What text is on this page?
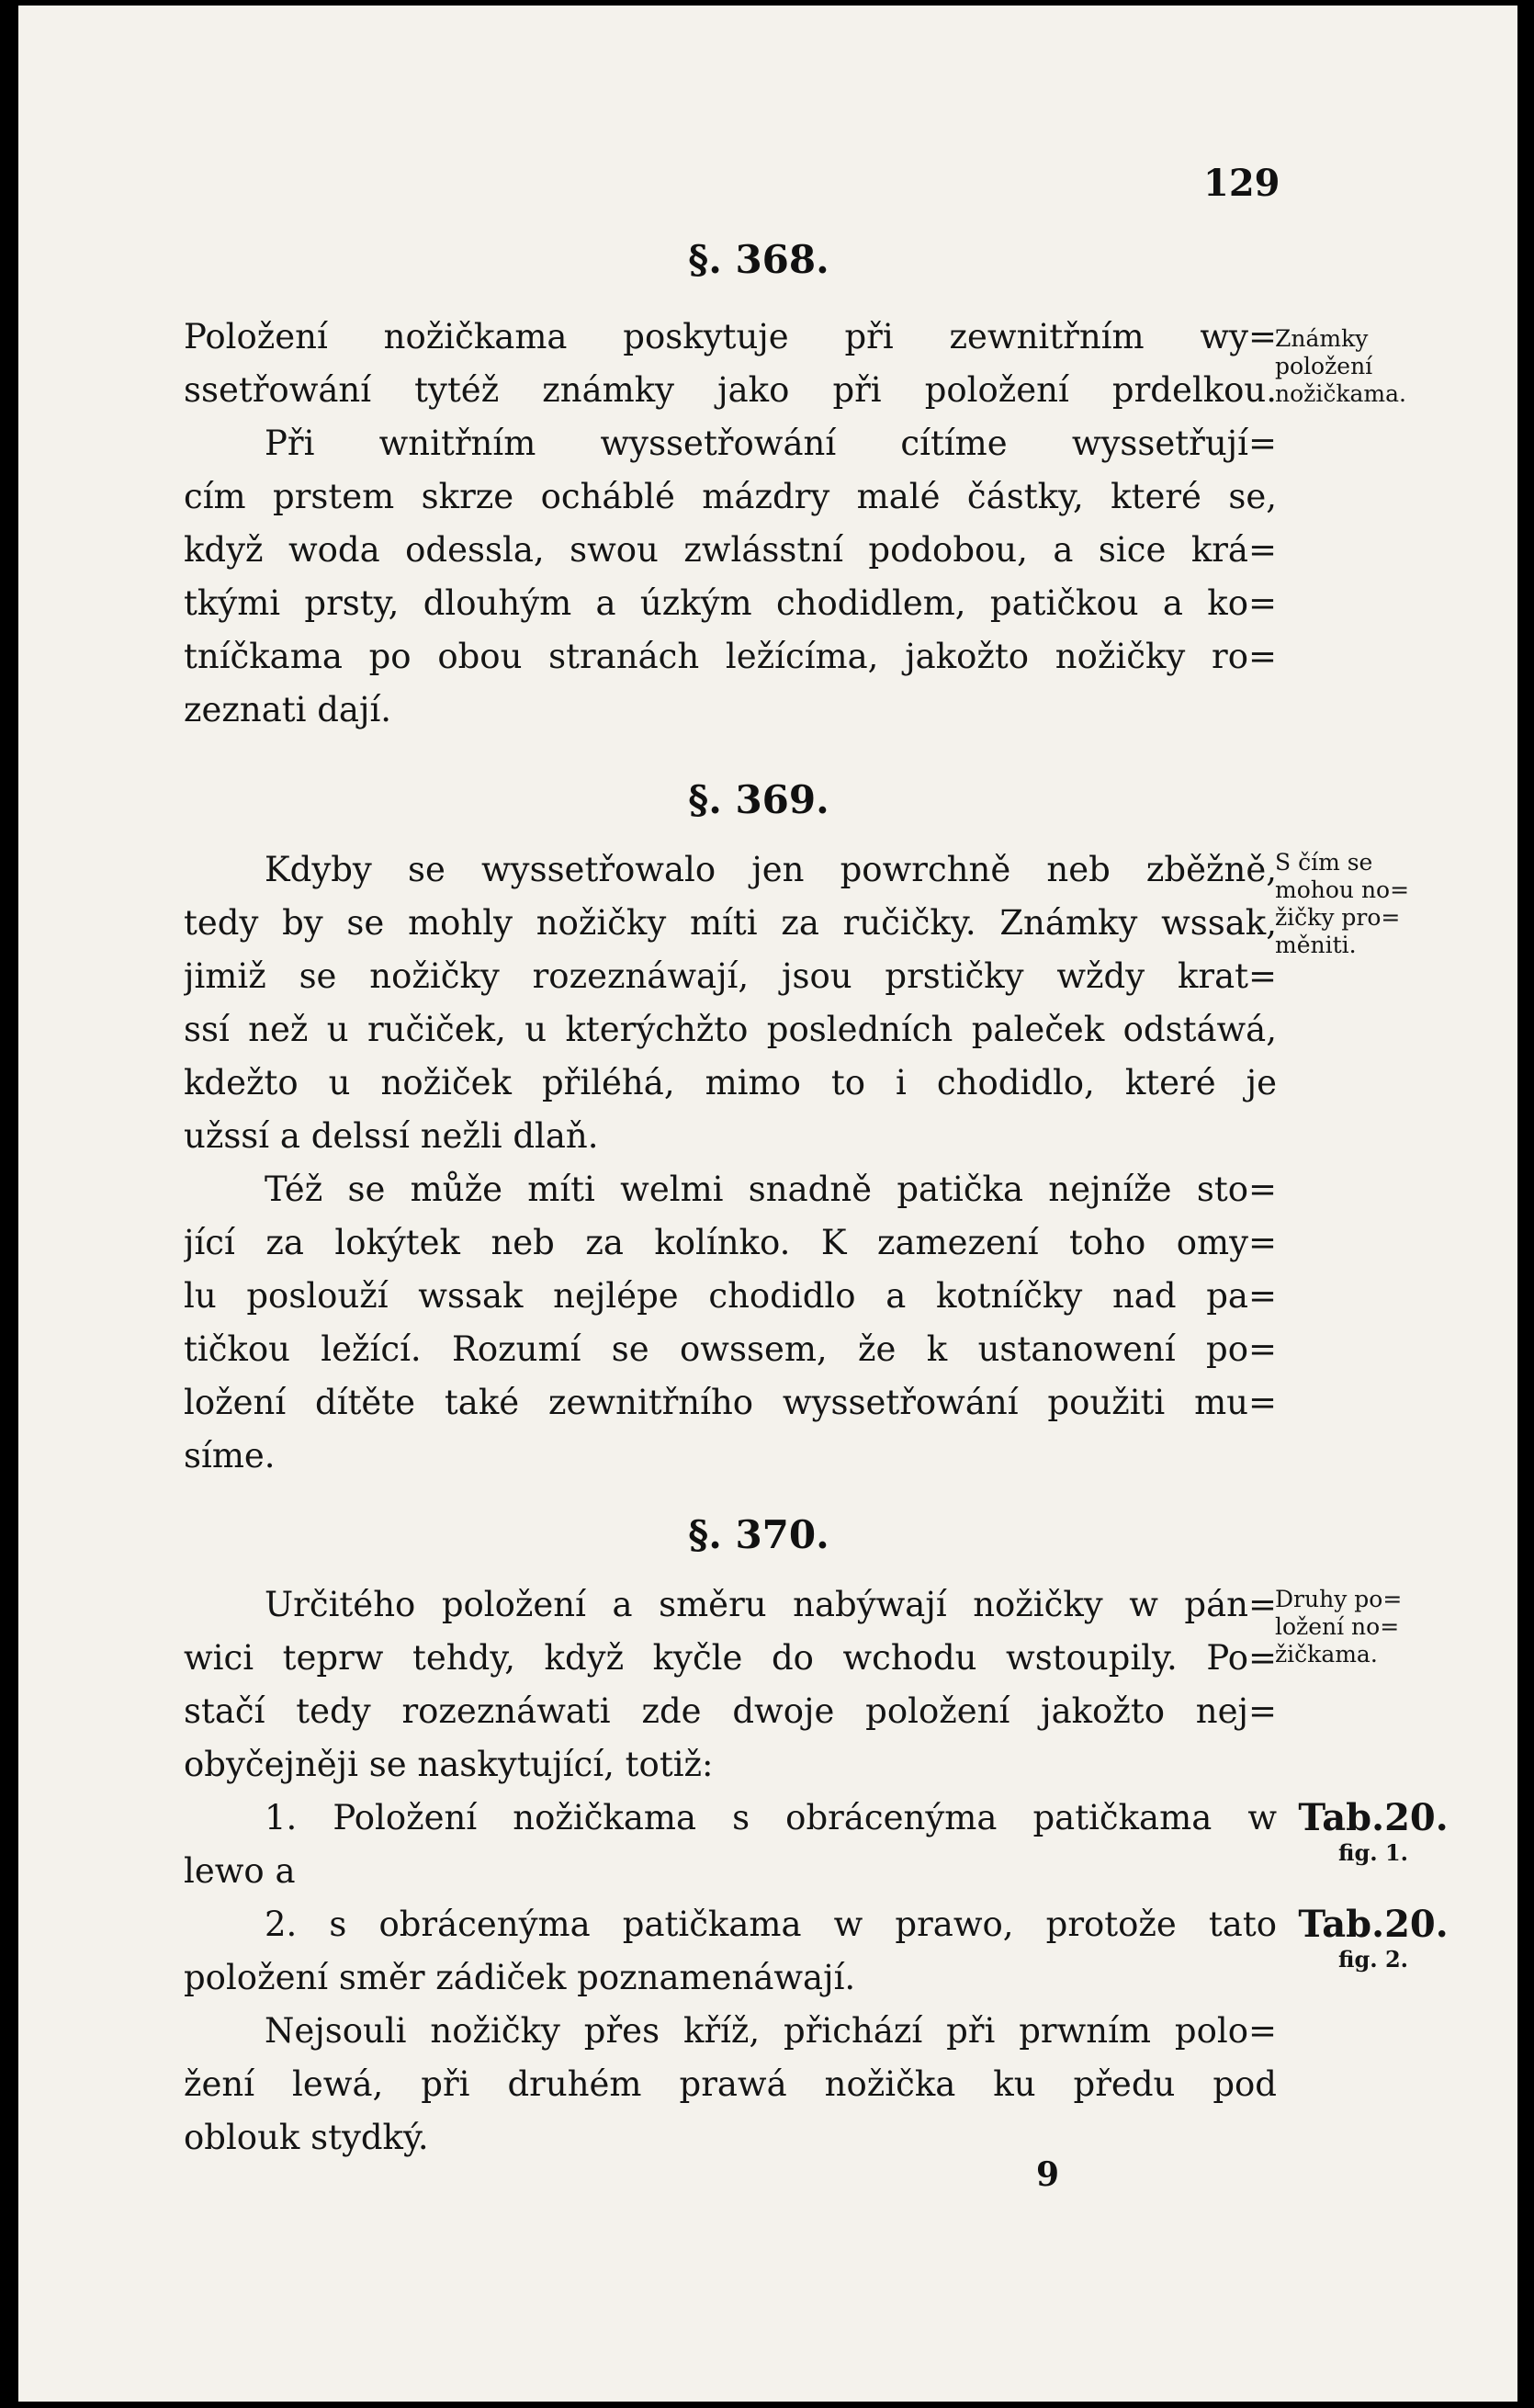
129
§. 368.
Položení nožičkama poskytuje při zewnitřním wy=
ssetřowání tytéž známky jako při položení prdelkou.
Při wnitřním wyssetřowání cítíme wyssetřují=
cím prstem skrze ocháblé mázdry malé částky, které se,
když woda odessla, swou zwlásstní podobou, a sice krá=
tkými prsty, dlouhým a úzkým chodidlem, patičkou a ko=
tníčkama po obou stranách ležícíma, jakožto nožičky ro=
zeznati dají.
Známky
položení
nožičkama.
§. 369.
Kdyby se wyssetřowalo jen powrchně neb zběžně,
tedy by se mohly nožičky míti za ručičky. Známky wssak,
jimiž se nožičky rozeznáwají, jsou prstičky wždy krat=
ssí než u ručiček, u kterýchžto posledních paleček odstáwá,
kdežto u nožiček přiléhá, mimo to i chodidlo, které je
užssí a delssí nežli dlaň.
Též se může míti welmi snadně patička nejníže sto=
jící za lokýtek neb za kolínko. K zamezení toho omy=
lu poslouží wssak nejlépe chodidlo a kotníčky nad pa=
tičkou ležící. Rozumí se owssem, že k ustanowení po=
ložení dítěte také zewnitřního wyssetřowání použiti mu=
síme.
S čím se
mohou no=
žičky pro=
měniti.
§. 370.
Určitého položení a směru nabýwají nožičky w pán=
wici teprw tehdy, když kyčle do wchodu wstoupily. Po=
stačí tedy rozeznáwati zde dwoje položení jakožto nej=
obyčejněji se naskytující, totiž:
1. Položení nožičkama s obrácenýma patičkama w
lewo a
2. s obrácenýma patičkama w prawo, protože tato
položení směr zádiček poznamenáwají.
Nejsouli nožičky přes kříž, přichází při prwním polo=
žení lewá, při druhém prawá nožička ku předu pod
oblouk stydký.
Druhy po=
ložení no=
žičkama.
Tab.20.
fig. 1.
Tab.20.
fig. 2.
9
